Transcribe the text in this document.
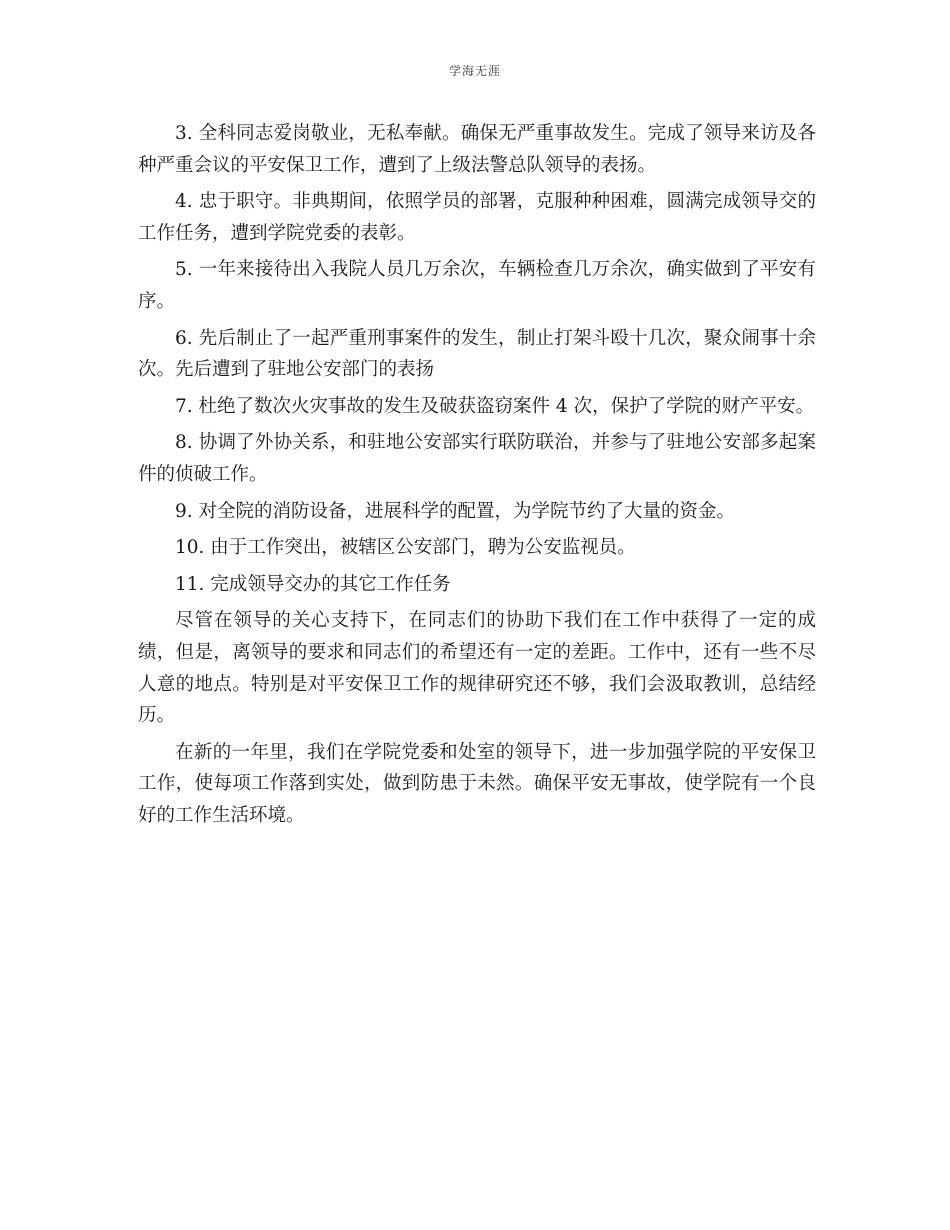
学海无涯

3. 全科同志爱岗敬业，无私奉献。确保无严重事故发生。完成了领导来访及各种严重会议的平安保卫工作，遭到了上级法警总队领导的表扬。

4. 忠于职守。非典期间，依照学员的部署，克服种种困难，圆满完成领导交的工作任务，遭到学院党委的表彰。

5. 一年来接待出入我院人员几万余次，车辆检查几万余次，确实做到了平安有序。

6. 先后制止了一起严重刑事案件的发生，制止打架斗殴十几次，聚众闹事十余次。先后遭到了驻地公安部门的表扬

7. 杜绝了数次火灾事故的发生及破获盗窃案件 4 次，保护了学院的财产平安。

8. 协调了外协关系，和驻地公安部实行联防联治，并参与了驻地公安部多起案件的侦破工作。

9. 对全院的消防设备，进展科学的配置，为学院节约了大量的资金。

10. 由于工作突出，被辖区公安部门，聘为公安监视员。

11. 完成领导交办的其它工作任务

尽管在领导的关心支持下，在同志们的协助下我们在工作中获得了一定的成绩，但是，离领导的要求和同志们的希望还有一定的差距。工作中，还有一些不尽人意的地点。特别是对平安保卫工作的规律研究还不够，我们会汲取教训，总结经历。

在新的一年里，我们在学院党委和处室的领导下，进一步加强学院的平安保卫工作，使每项工作落到实处，做到防患于未然。确保平安无事故，使学院有一个良好的工作生活环境。
